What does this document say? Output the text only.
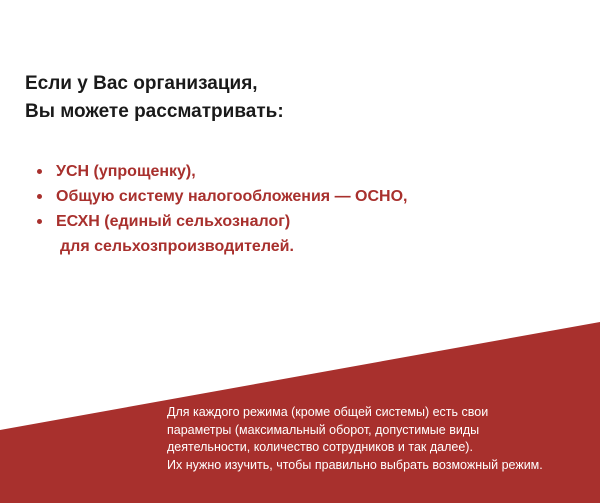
Если у Вас организация,
Вы можете рассматривать:
УСН (упрощенку),
Общую систему налогообложения — ОСНО,
ЕСХН (единый сельхозналог)
для сельхозпроизводителей.

Для каждого режима (кроме общей системы) есть свои
параметры (максимальный оборот, допустимые виды
деятельности, количество сотрудников и так далее).
Их нужно изучить, чтобы правильно выбрать возможный режим.
